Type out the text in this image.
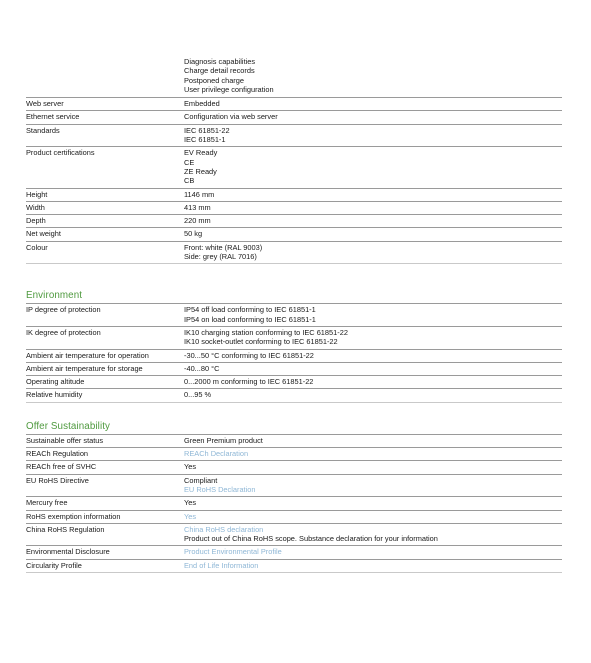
Diagnosis capabilities
Charge detail records
Postponed charge
User privilege configuration
Web server	Embedded
Ethernet service	Configuration via web server
Standards	IEC 61851-22
IEC 61851-1
Product certifications	EV Ready
CE
ZE Ready
CB
Height	1146 mm
Width	413 mm
Depth	220 mm
Net weight	50 kg
Colour	Front: white (RAL 9003)
Side: grey (RAL 7016)
Environment
IP degree of protection	IP54 off load conforming to IEC 61851-1
IP54 on load conforming to IEC 61851-1
IK degree of protection	IK10 charging station conforming to IEC 61851-22
IK10 socket-outlet conforming to IEC 61851-22
Ambient air temperature for operation	-30...50 °C conforming to IEC 61851-22
Ambient air temperature for storage	-40...80 °C
Operating altitude	0...2000 m conforming to IEC 61851-22
Relative humidity	0...95 %
Offer Sustainability
Sustainable offer status	Green Premium product
REACh Regulation	REACh Declaration
REACh free of SVHC	Yes
EU RoHS Directive	Compliant
EU RoHS Declaration
Mercury free	Yes
RoHS exemption information	Yes
China RoHS Regulation	China RoHS declaration
Product out of China RoHS scope. Substance declaration for your information
Environmental Disclosure	Product Environmental Profile
Circularity Profile	End of Life Information
